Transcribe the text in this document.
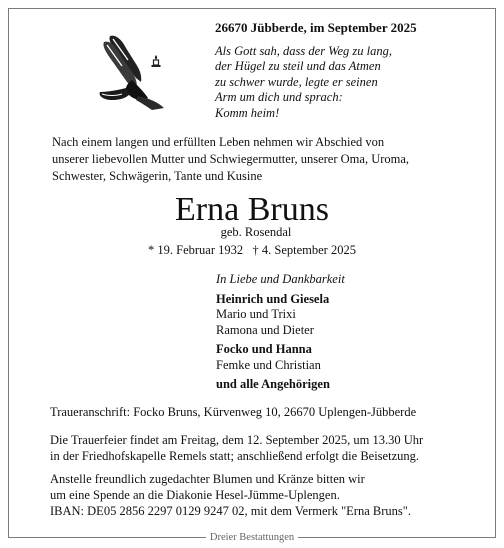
Dreier Bestattungen
26670 Jübberde, im September 2025
Als Gott sah, dass der Weg zu lang,
der Hügel zu steil und das Atmen
zu schwer wurde, legte er seinen
Arm um dich und sprach:
Komm heim!
Nach einem langen und erfüllten Leben nehmen wir Abschied von
unserer liebevollen Mutter und Schwiegermutter, unserer Oma, Uroma,
Schwester, Schwägerin, Tante und Kusine
Erna Bruns
geb. Rosendal
* 19. Februar 1932   † 4. September 2025
In Liebe und Dankbarkeit
Heinrich und Giesela
Mario und Trixi
Ramona und Dieter
Focko und Hanna
Femke und Christian
und alle Angehörigen
Traueranschrift: Focko Bruns, Kürvenweg 10, 26670 Uplengen-Jübberde
Die Trauerfeier findet am Freitag, dem 12. September 2025, um 13.30 Uhr
in der Friedhofskapelle Remels statt; anschließend erfolgt die Beisetzung.
Anstelle freundlich zugedachter Blumen und Kränze bitten wir
um eine Spende an die Diakonie Hesel-Jümme-Uplengen.
IBAN: DE05 2856 2297 0129 9247 02, mit dem Vermerk "Erna Bruns".
